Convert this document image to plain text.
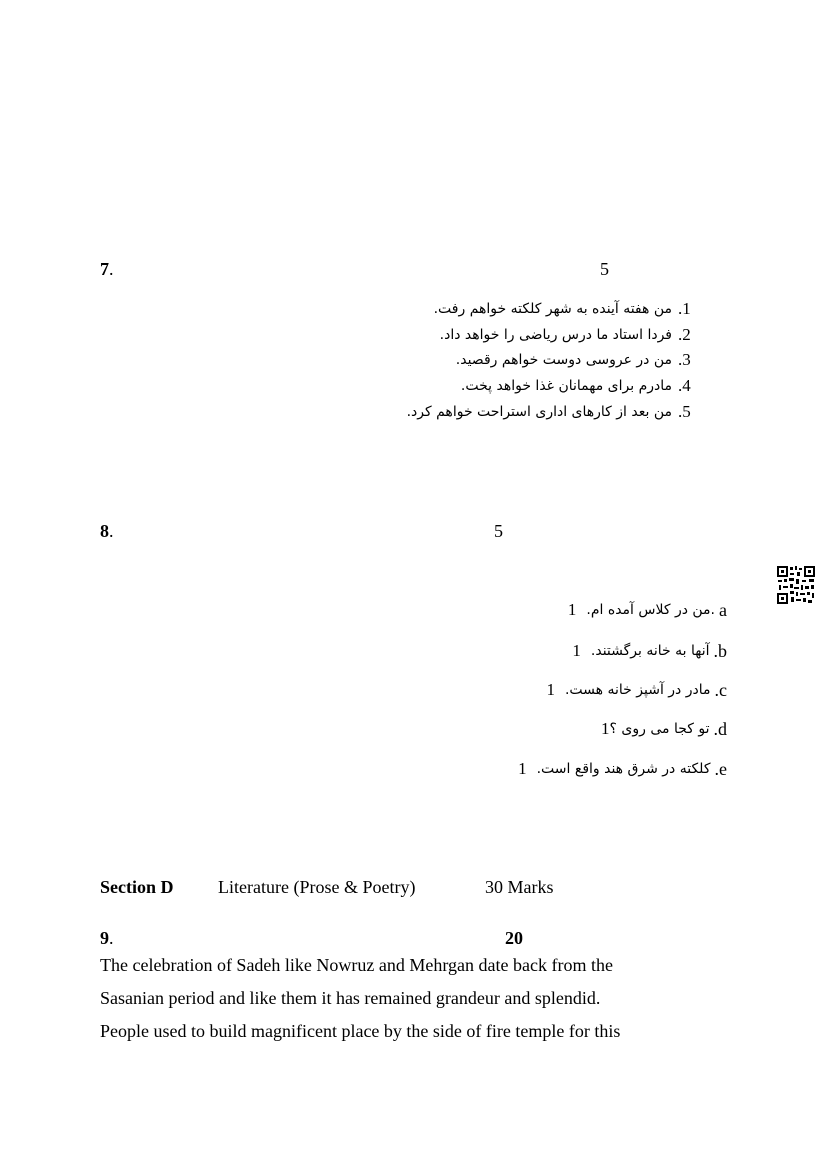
7.	5
.1
من هفته آینده به شهر کلکته خواهم رفت.
.2
فردا استاد ما درس ریاضی را خواهد داد.
.3
من در عروسی دوست خواهم رقصید.
.4
مادرم برای مهمانان غذا خواهد پخت.
.5
من بعد از کارهای اداری استراحت خواهم کرد.
8.	5
a
.من در کلاس آمده ام.
1
.b
آنها به خانه برگشتند.
1
.c
مادر در آشپز خانه هست.
1
.d
تو کجا می روی ؟
1
.e
کلکته در شرق هند واقع است.
1
Section D Literature (Prose & Poetry)	30 Marks
9.	20
The celebration of Sadeh like Nowruz and Mehrgan date back from the
Sasanian period and like them it has remained grandeur and splendid.
People used to build magnificent place by the side of fire temple for this
